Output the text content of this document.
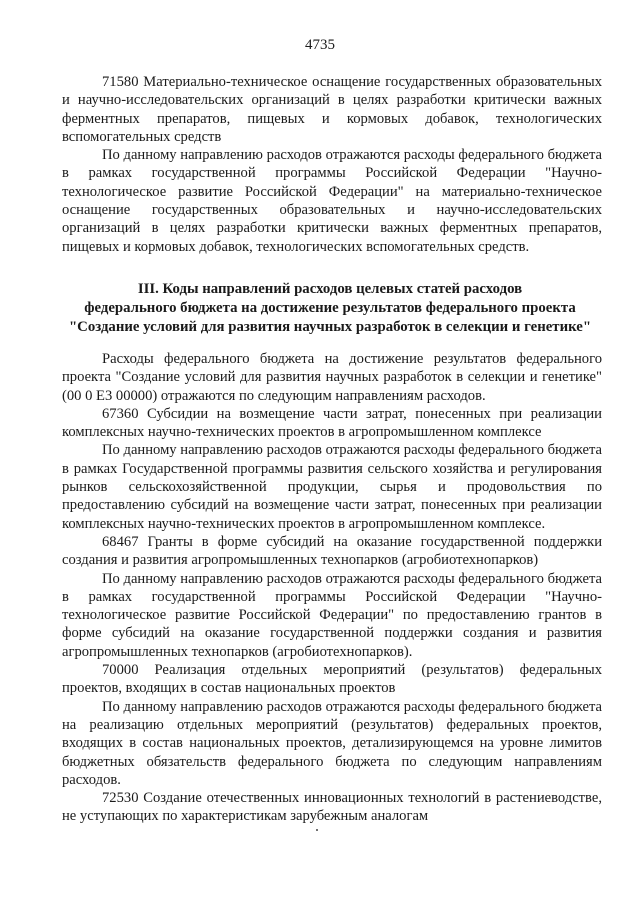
4735

71580 Материально-техническое оснащение государственных образовательных и научно-исследовательских организаций в целях разработки критически важных ферментных препаратов, пищевых и кормовых добавок, технологических вспомогательных средств

По данному направлению расходов отражаются расходы федерального бюджета в рамках государственной программы Российской Федерации "Научно-технологическое развитие Российской Федерации" на материально-техническое оснащение государственных образовательных и научно-исследовательских организаций в целях разработки критически важных ферментных препаратов, пищевых и кормовых добавок, технологических вспомогательных средств.

III. Коды направлений расходов целевых статей расходов
федерального бюджета на достижение результатов федерального проекта
"Создание условий для развития научных разработок в селекции и генетике"

Расходы федерального бюджета на достижение результатов федерального проекта "Создание условий для развития научных разработок в селекции и генетике" (00 0 Е3 00000) отражаются по следующим направлениям расходов.

67360 Субсидии на возмещение части затрат, понесенных при реализации комплексных научно-технических проектов в агропромышленном комплексе

По данному направлению расходов отражаются расходы федерального бюджета в рамках Государственной программы развития сельского хозяйства и регулирования рынков сельскохозяйственной продукции, сырья и продовольствия по предоставлению субсидий на возмещение части затрат, понесенных при реализации комплексных научно-технических проектов в агропромышленном комплексе.

68467 Гранты в форме субсидий на оказание государственной поддержки создания и развития агропромышленных технопарков (агробиотехнопарков)

По данному направлению расходов отражаются расходы федерального бюджета в рамках государственной программы Российской Федерации "Научно-технологическое развитие Российской Федерации" по предоставлению грантов в форме субсидий на оказание государственной поддержки создания и развития агропромышленных технопарков (агробиотехнопарков).

70000 Реализация отдельных мероприятий (результатов) федеральных проектов, входящих в состав национальных проектов

По данному направлению расходов отражаются расходы федерального бюджета на реализацию отдельных мероприятий (результатов) федеральных проектов, входящих в состав национальных проектов, детализирующемся на уровне лимитов бюджетных обязательств федерального бюджета по следующим направлениям расходов.

72530 Создание отечественных инновационных технологий в растениеводстве, не уступающих по характеристикам зарубежным аналогам
